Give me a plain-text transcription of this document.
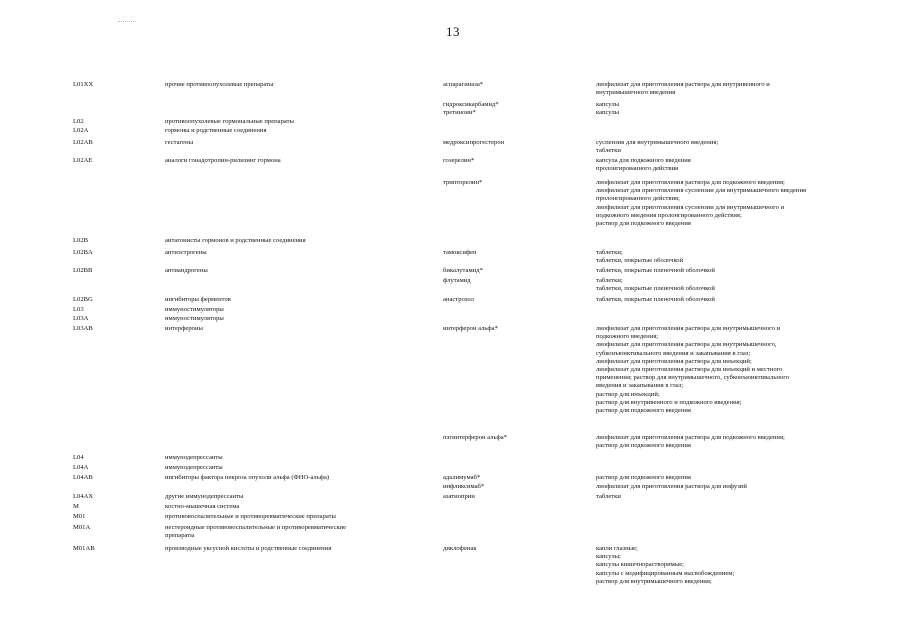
13
L01XX	прочие противоопухолевые препараты	аспарагиназа*	лиофилизат для приготовления раствора для внутривенного и
внутримышечного введения
гидроксикарбамид*	капсулы
третиноин*	капсулы
L02	противоопухолевые гормональные препараты
L02A	гормоны и родственные соединения
L02AB	гестагены	медроксипрогестерон	суспензия для внутримышечного введения;
таблетки
L02AE	аналоги гонадотропин-рилизинг гормона	гозерелин*	капсула для подкожного введения
пролонгированного действия
трипторелин*	лиофилизат для приготовления раствора для подкожного введения;
лиофилизат для приготовления суспензии для внутримышечного введения
пролонгированного действия;
лиофилизат для приготовления суспензии для внутримышечного и
подкожного введения пролонгированного действия;
раствор для подкожного введения
L02B	антагонисты гормонов и родственные соединения
L02BA	антиэстрогены	тамоксифен	таблетки;
таблетки, покрытые оболочкой
L02BB	антиандрогены	бикалутамид*	таблетки, покрытые пленочной оболочкой
флутамид	таблетки;
таблетки, покрытые пленочной оболочкой
L02BG	ингибиторы ферментов	анастрозол	таблетки, покрытые пленочной оболочкой
L03	иммуностимуляторы
L03A	иммуностимуляторы
L03AB	интерфероны	интерферон альфа*	лиофилизат для приготовления раствора для внутримышечного и
подкожного введения;
лиофилизат для приготовления раствора для внутримышечного,
субконъюнктивального введения и закапывания в глаз;
лиофилизат для приготовления раствора для инъекций;
лиофилизат для приготовления раствора для инъекций и местного
применения; раствор для внутримышечного, субконъюнктивального
введения и закапывания в глаз;
раствор для инъекций;
раствор для внутривенного и подкожного введения;
раствор для подкожного введения
пэгинтерферон альфа*	лиофилизат для приготовления раствора для подкожного введения;
раствор для подкожного введения
L04	иммунодепрессанты
L04A	иммунодепрессанты
L04AB	ингибиторы фактора некроза опухоли альфа (ФНО-альфа)	адалимумаб*	раствор для подкожного введения
инфликсимаб*	лиофилизат для приготовления раствора для инфузий
L04AX	другие иммунодепрессанты	азатиоприн	таблетки
M	костно-мышечная система
M01	противовоспалительные и противоревматические препараты
M01A	нестероидные противовоспалительные и противоревматические
препараты
M01AB	производные уксусной кислоты и родственные соединения	диклофенак	капли глазные;
капсулы;
капсулы кишечнорастворимые;
капсулы с модифицированным высвобождением;
раствор для внутримышечного введения;
